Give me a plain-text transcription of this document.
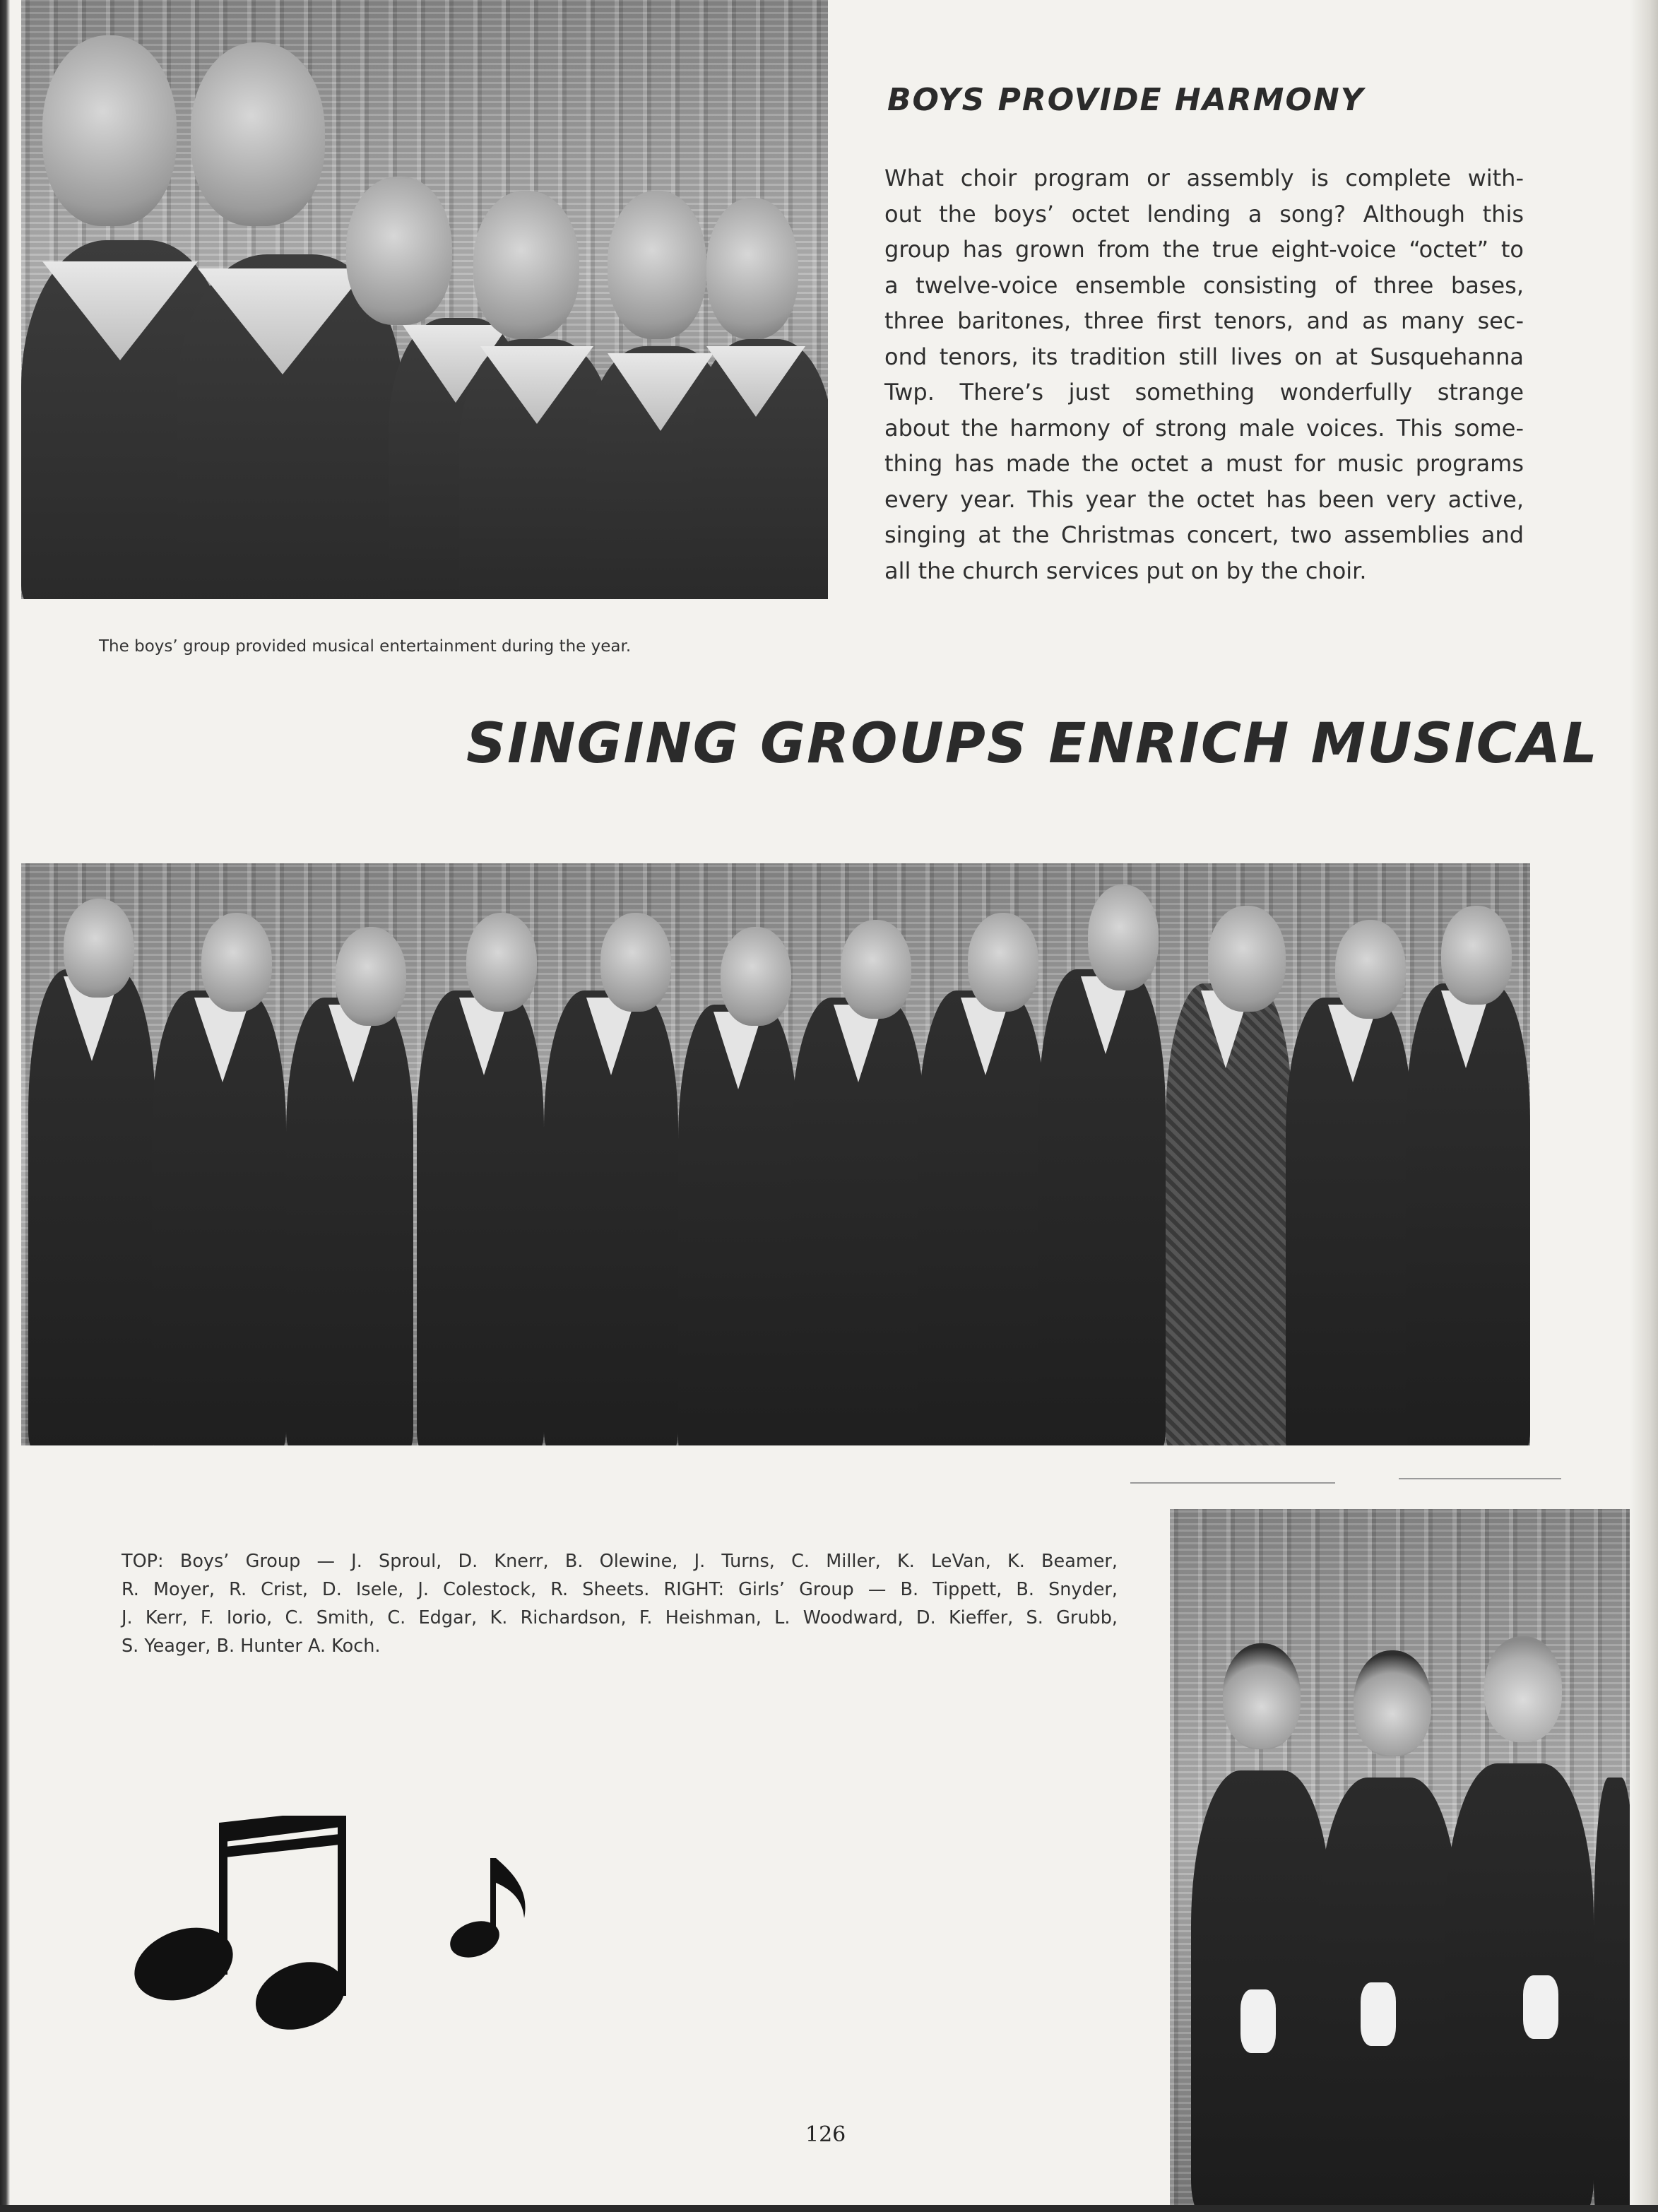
BOYS PROVIDE HARMONY
What choir program or assembly is complete with-
out the boys’ octet lending a song? Although this
group has grown from the true eight-voice “octet” to
a twelve-voice ensemble consisting of three bases,
three baritones, three first tenors, and as many sec-
ond tenors, its tradition still lives on at Susquehanna
Twp. There’s just something wonderfully strange
about the harmony of strong male voices. This some-
thing has made the octet a must for music programs
every year. This year the octet has been very active,
singing at the Christmas concert, two assemblies and
all the church services put on by the choir.
The boys’ group provided musical entertainment during the year.
SINGING GROUPS ENRICH MUSICAL
TOP: Boys’ Group — J. Sproul, D. Knerr, B. Olewine, J. Turns, C. Miller, K. LeVan, K. Beamer,
R. Moyer, R. Crist, D. Isele, J. Colestock, R. Sheets. RIGHT: Girls’ Group — B. Tippett, B. Snyder,
J. Kerr, F. Iorio, C. Smith, C. Edgar, K. Richardson, F. Heishman, L. Woodward, D. Kieffer, S. Grubb,
S. Yeager, B. Hunter A. Koch.
126
